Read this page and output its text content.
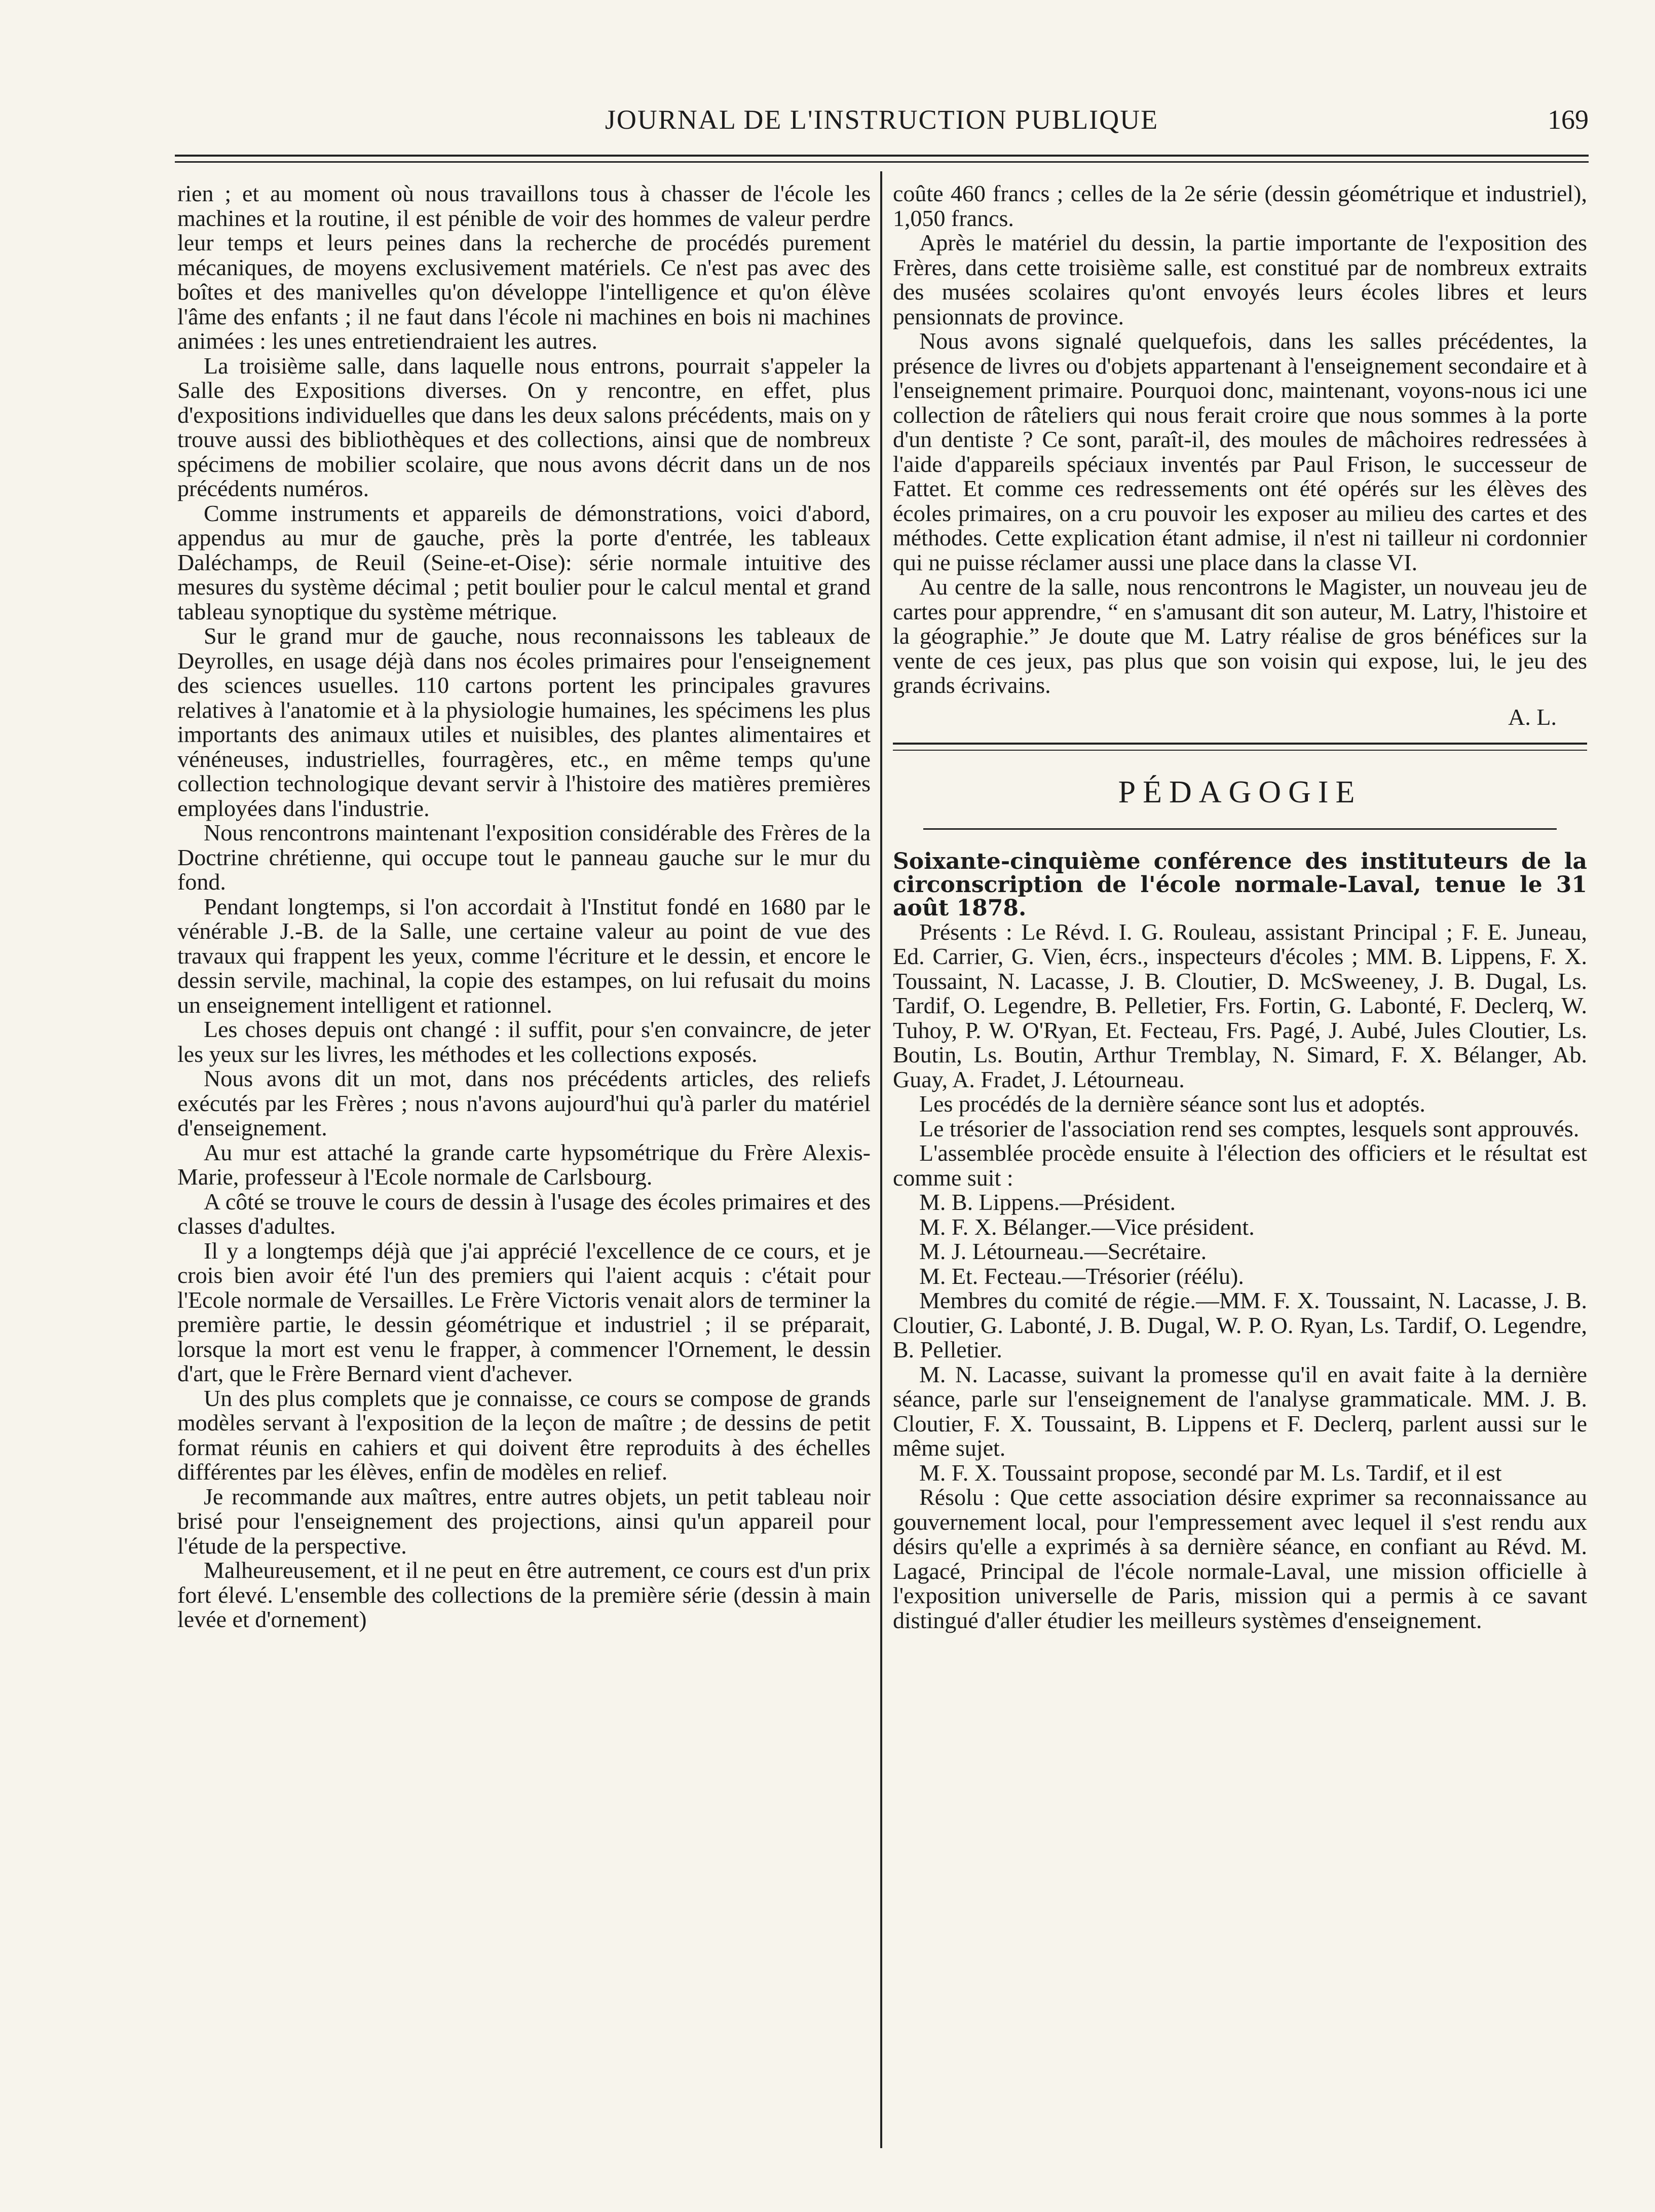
JOURNAL DE L'INSTRUCTION PUBLIQUE	169

rien ; et au moment où nous travaillons tous à chasser de l'école les machines et la routine, il est pénible de voir des hommes de valeur perdre leur temps et leurs peines dans la recherche de procédés purement mécaniques, de moyens exclusivement matériels. Ce n'est pas avec des boîtes et des manivelles qu'on développe l'intelligence et qu'on élève l'âme des enfants ; il ne faut dans l'école ni machines en bois ni machines animées : les unes entretiendraient les autres.

La troisième salle, dans laquelle nous entrons, pourrait s'appeler la Salle des Expositions diverses. On y rencontre, en effet, plus d'expositions individuelles que dans les deux salons précédents, mais on y trouve aussi des bibliothèques et des collections, ainsi que de nombreux spécimens de mobilier scolaire, que nous avons décrit dans un de nos précédents numéros.

Comme instruments et appareils de démonstrations, voici d'abord, appendus au mur de gauche, près la porte d'entrée, les tableaux Daléchamps, de Reuil (Seine-et-Oise): série normale intuitive des mesures du système décimal ; petit boulier pour le calcul mental et grand tableau synoptique du système métrique.

Sur le grand mur de gauche, nous reconnaissons les tableaux de Deyrolles, en usage déjà dans nos écoles primaires pour l'enseignement des sciences usuelles. 110 cartons portent les principales gravures relatives à l'anatomie et à la physiologie humaines, les spécimens les plus importants des animaux utiles et nuisibles, des plantes alimentaires et vénéneuses, industrielles, fourragères, etc., en même temps qu'une collection technologique devant servir à l'histoire des matières premières employées dans l'industrie.

Nous rencontrons maintenant l'exposition considérable des Frères de la Doctrine chrétienne, qui occupe tout le panneau gauche sur le mur du fond.

Pendant longtemps, si l'on accordait à l'Institut fondé en 1680 par le vénérable J.-B. de la Salle, une certaine valeur au point de vue des travaux qui frappent les yeux, comme l'écriture et le dessin, et encore le dessin servile, machinal, la copie des estampes, on lui refusait du moins un enseignement intelligent et rationnel.

Les choses depuis ont changé : il suffit, pour s'en convaincre, de jeter les yeux sur les livres, les méthodes et les collections exposés.

Nous avons dit un mot, dans nos précédents articles, des reliefs exécutés par les Frères ; nous n'avons aujourd'hui qu'à parler du matériel d'enseignement.

Au mur est attaché la grande carte hypsométrique du Frère Alexis-Marie, professeur à l'Ecole normale de Carlsbourg.

A côté se trouve le cours de dessin à l'usage des écoles primaires et des classes d'adultes.

Il y a longtemps déjà que j'ai apprécié l'excellence de ce cours, et je crois bien avoir été l'un des premiers qui l'aient acquis : c'était pour l'Ecole normale de Versailles. Le Frère Victoris venait alors de terminer la première partie, le dessin géométrique et industriel ; il se préparait, lorsque la mort est venu le frapper, à commencer l'Ornement, le dessin d'art, que le Frère Bernard vient d'achever.

Un des plus complets que je connaisse, ce cours se compose de grands modèles servant à l'exposition de la leçon de maître ; de dessins de petit format réunis en cahiers et qui doivent être reproduits à des échelles différentes par les élèves, enfin de modèles en relief.

Je recommande aux maîtres, entre autres objets, un petit tableau noir brisé pour l'enseignement des projections, ainsi qu'un appareil pour l'étude de la perspective.

Malheureusement, et il ne peut en être autrement, ce cours est d'un prix fort élevé. L'ensemble des collections de la première série (dessin à main levée et d'ornement)

coûte 460 francs ; celles de la 2e série (dessin géométrique et industriel), 1,050 francs.

Après le matériel du dessin, la partie importante de l'exposition des Frères, dans cette troisième salle, est constitué par de nombreux extraits des musées scolaires qu'ont envoyés leurs écoles libres et leurs pensionnats de province.

Nous avons signalé quelquefois, dans les salles précédentes, la présence de livres ou d'objets appartenant à l'enseignement secondaire et à l'enseignement primaire. Pourquoi donc, maintenant, voyons-nous ici une collection de râteliers qui nous ferait croire que nous sommes à la porte d'un dentiste ? Ce sont, paraît-il, des moules de mâchoires redressées à l'aide d'appareils spéciaux inventés par Paul Frison, le successeur de Fattet. Et comme ces redressements ont été opérés sur les élèves des écoles primaires, on a cru pouvoir les exposer au milieu des cartes et des méthodes. Cette explication étant admise, il n'est ni tailleur ni cordonnier qui ne puisse réclamer aussi une place dans la classe VI.

Au centre de la salle, nous rencontrons le Magister, un nouveau jeu de cartes pour apprendre, “ en s'amusant dit son auteur, M. Latry, l'histoire et la géographie.” Je doute que M. Latry réalise de gros bénéfices sur la vente de ces jeux, pas plus que son voisin qui expose, lui, le jeu des grands écrivains.

A. L.

PÉDAGOGIE

Soixante-cinquième conférence des instituteurs de la circonscription de l'école normale-Laval, tenue le 31 août 1878.

Présents : Le Révd. I. G. Rouleau, assistant Principal ; F. E. Juneau, Ed. Carrier, G. Vien, écrs., inspecteurs d'écoles ; MM. B. Lippens, F. X. Toussaint, N. Lacasse, J. B. Cloutier, D. McSweeney, J. B. Dugal, Ls. Tardif, O. Legendre, B. Pelletier, Frs. Fortin, G. Labonté, F. Declerq, W. Tuhoy, P. W. O'Ryan, Et. Fecteau, Frs. Pagé, J. Aubé, Jules Cloutier, Ls. Boutin, Ls. Boutin, Arthur Tremblay, N. Simard, F. X. Bélanger, Ab. Guay, A. Fradet, J. Létourneau.

Les procédés de la dernière séance sont lus et adoptés.

Le trésorier de l'association rend ses comptes, lesquels sont approuvés.

L'assemblée procède ensuite à l'élection des officiers et le résultat est comme suit :

M. B. Lippens.—Président.

M. F. X. Bélanger.—Vice président.

M. J. Létourneau.—Secrétaire.

M. Et. Fecteau.—Trésorier (réélu).

Membres du comité de régie.—MM. F. X. Toussaint, N. Lacasse, J. B. Cloutier, G. Labonté, J. B. Dugal, W. P. O. Ryan, Ls. Tardif, O. Legendre, B. Pelletier.

M. N. Lacasse, suivant la promesse qu'il en avait faite à la dernière séance, parle sur l'enseignement de l'analyse grammaticale. MM. J. B. Cloutier, F. X. Toussaint, B. Lippens et F. Declerq, parlent aussi sur le même sujet.

M. F. X. Toussaint propose, secondé par M. Ls. Tardif, et il est

Résolu : Que cette association désire exprimer sa reconnaissance au gouvernement local, pour l'empressement avec lequel il s'est rendu aux désirs qu'elle a exprimés à sa dernière séance, en confiant au Révd. M. Lagacé, Principal de l'école normale-Laval, une mission officielle à l'exposition universelle de Paris, mission qui a permis à ce savant distingué d'aller étudier les meilleurs systèmes d'enseignement.
